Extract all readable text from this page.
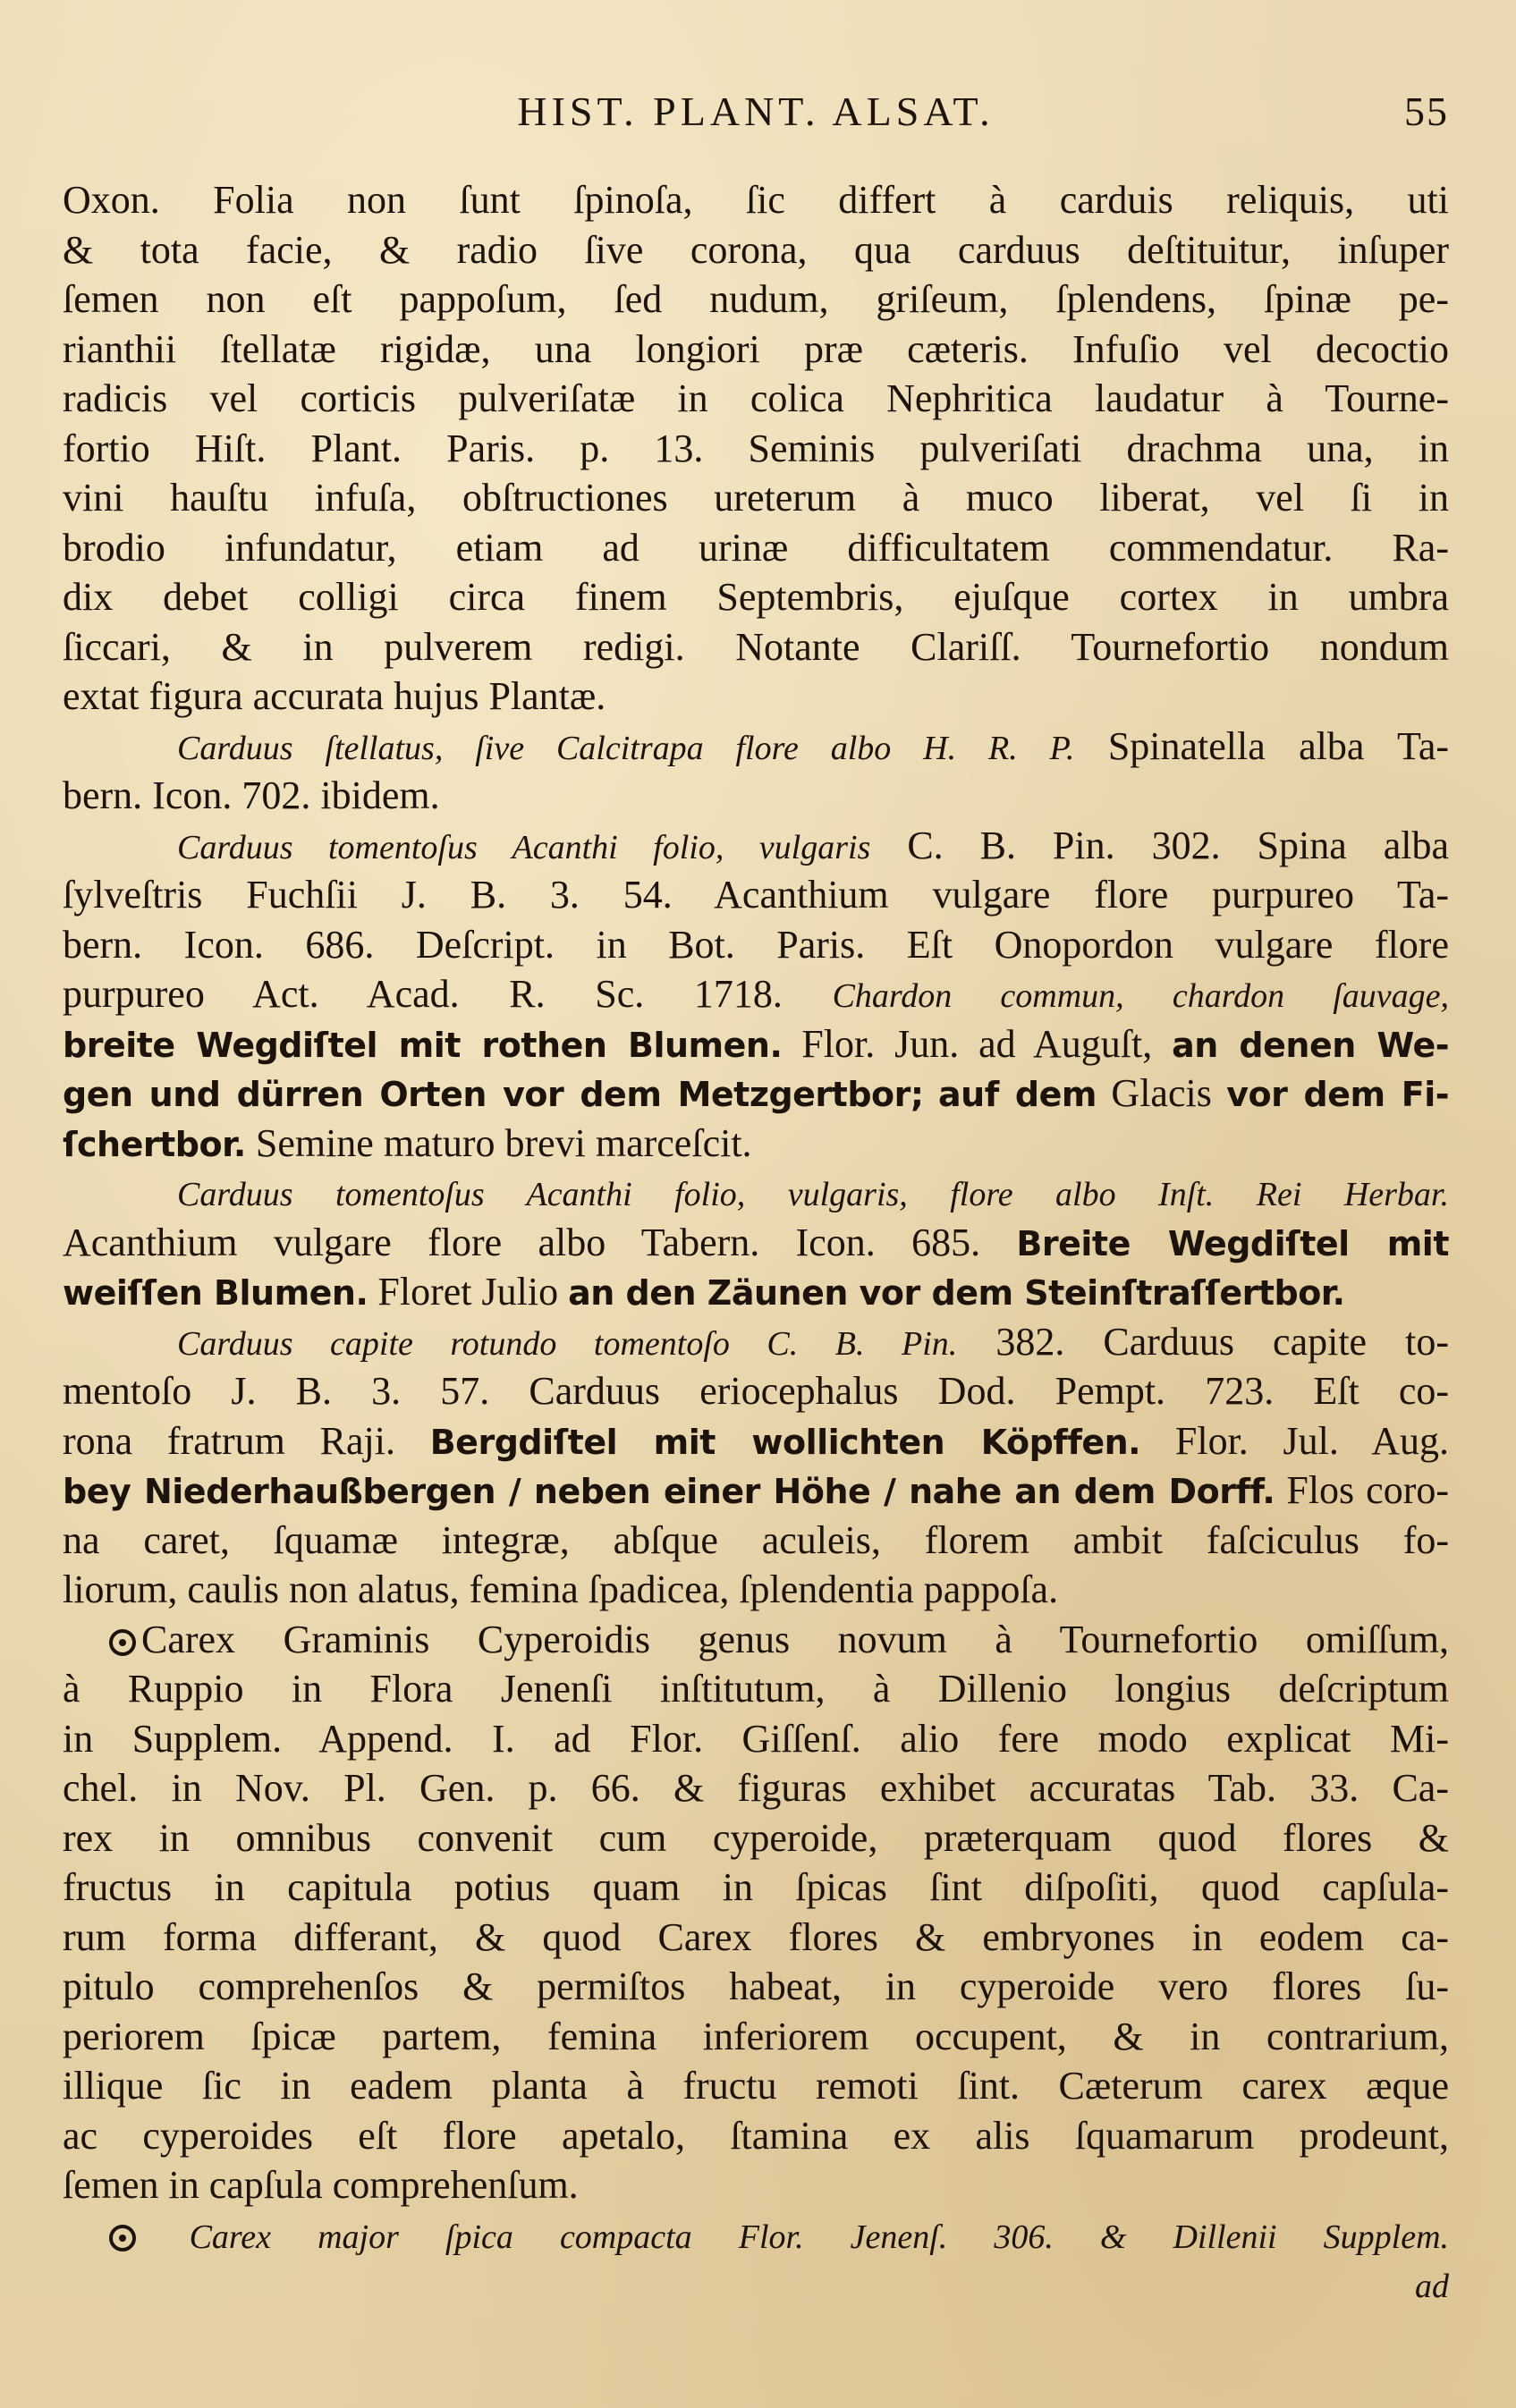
HIST. PLANT. ALSAT.	55
Oxon. Folia non ſunt ſpinoſa, ſic differt à carduis reliquis, uti
& tota facie, & radio ſive corona, qua carduus deſtituitur, inſuper
ſemen non eſt pappoſum, ſed nudum, griſeum, ſplendens, ſpinæ pe-
rianthii ſtellatæ rigidæ, una longiori præ cæteris. Infuſio vel decoctio
radicis vel corticis pulveriſatæ in colica Nephritica laudatur à Tourne-
fortio Hiſt. Plant. Paris. p. 13. Seminis pulveriſati drachma una, in
vini hauſtu infuſa, obſtructiones ureterum à muco liberat, vel ſi in
brodio infundatur, etiam ad urinæ difficultatem commendatur. Ra-
dix debet colligi circa finem Septembris, ejuſque cortex in umbra
ſiccari, & in pulverem redigi. Notante Clariſſ. Tournefortio nondum
extat figura accurata hujus Plantæ.
Carduus ſtellatus, ſive Calcitrapa flore albo H. R. P. Spinatella alba Ta-
bern. Icon. 702. ibidem.
Carduus tomentoſus Acanthi folio, vulgaris C. B. Pin. 302. Spina alba
ſylveſtris Fuchſii J. B. 3. 54. Acanthium vulgare flore purpureo Ta-
bern. Icon. 686. Deſcript. in Bot. Paris. Eſt Onopordon vulgare flore
purpureo Act. Acad. R. Sc. 1718. Chardon commun, chardon ſauvage,
breite Wegdiſtel mit rothen Blumen. Flor. Jun. ad Auguſt, an denen We-
gen und dürren Orten vor dem Metzgertbor; auf dem Glacis vor dem Fi-
ſchertbor. Semine maturo brevi marceſcit.
Carduus tomentoſus Acanthi folio, vulgaris, flore albo Inſt. Rei Herbar.
Acanthium vulgare flore albo Tabern. Icon. 685. Breite Wegdiſtel mit
weiſſen Blumen. Floret Julio an den Zäunen vor dem Steinſtraſſertbor.
Carduus capite rotundo tomentoſo C. B. Pin. 382. Carduus capite to-
mentoſo J. B. 3. 57. Carduus eriocephalus Dod. Pempt. 723. Eſt co-
rona fratrum Raji. Bergdiſtel mit wollichten Köpffen. Flor. Jul. Aug.
bey Niederhaußbergen / neben einer Höhe / nahe an dem Dorff. Flos coro-
na caret, ſquamæ integræ, abſque aculeis, florem ambit faſciculus fo-
liorum, caulis non alatus, femina ſpadicea, ſplendentia pappoſa.
Carex Graminis Cyperoidis genus novum à Tournefortio omiſſum,
à Ruppio in Flora Jenenſi inſtitutum, à Dillenio longius deſcriptum
in Supplem. Append. I. ad Flor. Giſſenſ. alio fere modo explicat Mi-
chel. in Nov. Pl. Gen. p. 66. & figuras exhibet accuratas Tab. 33. Ca-
rex in omnibus convenit cum cyperoide, præterquam quod flores &
fructus in capitula potius quam in ſpicas ſint diſpoſiti, quod capſula-
rum forma differant, & quod Carex flores & embryones in eodem ca-
pitulo comprehenſos & permiſtos habeat, in cyperoide vero flores ſu-
periorem ſpicæ partem, femina inferiorem occupent, & in contrarium,
illique ſic in eadem planta à fructu remoti ſint. Cæterum carex æque
ac cyperoides eſt flore apetalo, ſtamina ex alis ſquamarum prodeunt,
ſemen in capſula comprehenſum.
Carex major ſpica compacta Flor. Jenenſ. 306. & Dillenii Supplem.
ad
